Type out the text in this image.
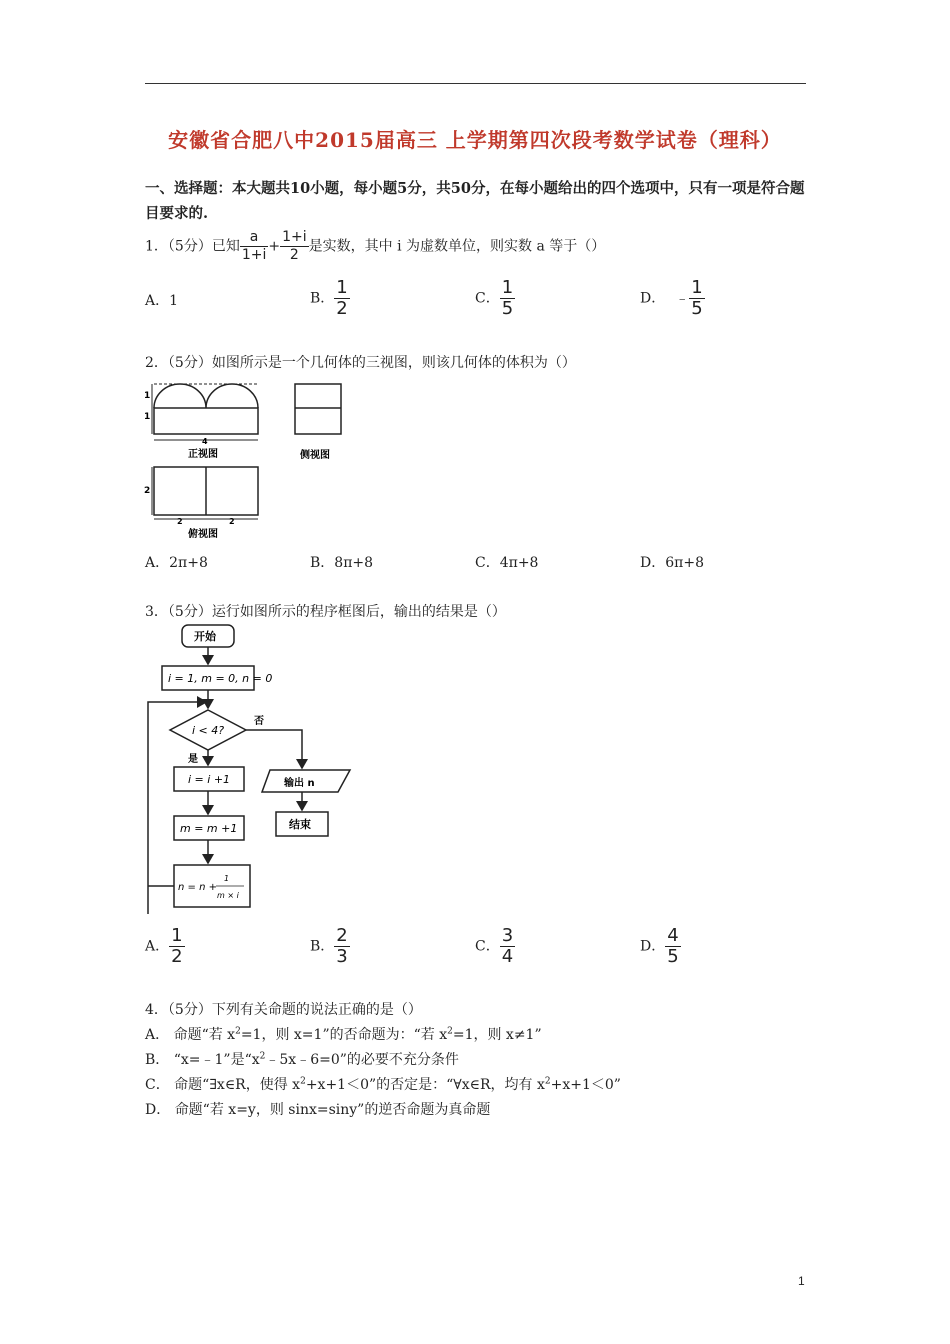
安徽省合肥八中2015届高三 上学期第四次段考数学试卷（理科）
一、选择题：本大题共10小题，每小题5分，共50分，在每小题给出的四个选项中，只有一项是符合题目要求的.
1．（5分）已知 $\frac{a}{1+i} + \frac{1+i}{2}$ 是实数，其中 i 为虚数单位，则实数 a 等于（）
A．1	B． $\frac{1}{2}$	C． $\frac{1}{5}$	D． ﹣ $\frac{1}{5}$
2．（5分）如图所示是一个几何体的三视图，则该几何体的体积为（）
1
1
4
正视图	侧视图
2
2	2
俯视图
A．2π+8	B．8π+8	C．4π+8	D．6π+8
3．（5分）运行如图所示的程序框图后，输出的结果是（）
开始
i = 1, m = 0, n = 0
i < 4?
否
是
i = i +1
m = m +1
n = n +
1
m × i
输出 n
结束
A． $\frac{1}{2}$	B． $\frac{2}{3}$	C． $\frac{3}{4}$	D． $\frac{4}{5}$
4．（5分）下列有关命题的说法正确的是（）
A． 命题“若 $x^2=1$，则 x=1”的否命题为：“若 $x^2=1$，则 x≠1”
B． “x=﹣1”是“$x^2﹣5x﹣6=0$”的必要不充分条件
C． 命题“∃x∈R，使得 $x^2+x+1<0$”的否定是：“∀x∈R，均有 $x^2+x+1<0$”
D． 命题“若 x=y，则 sinx=siny”的逆否命题为真命题
1
